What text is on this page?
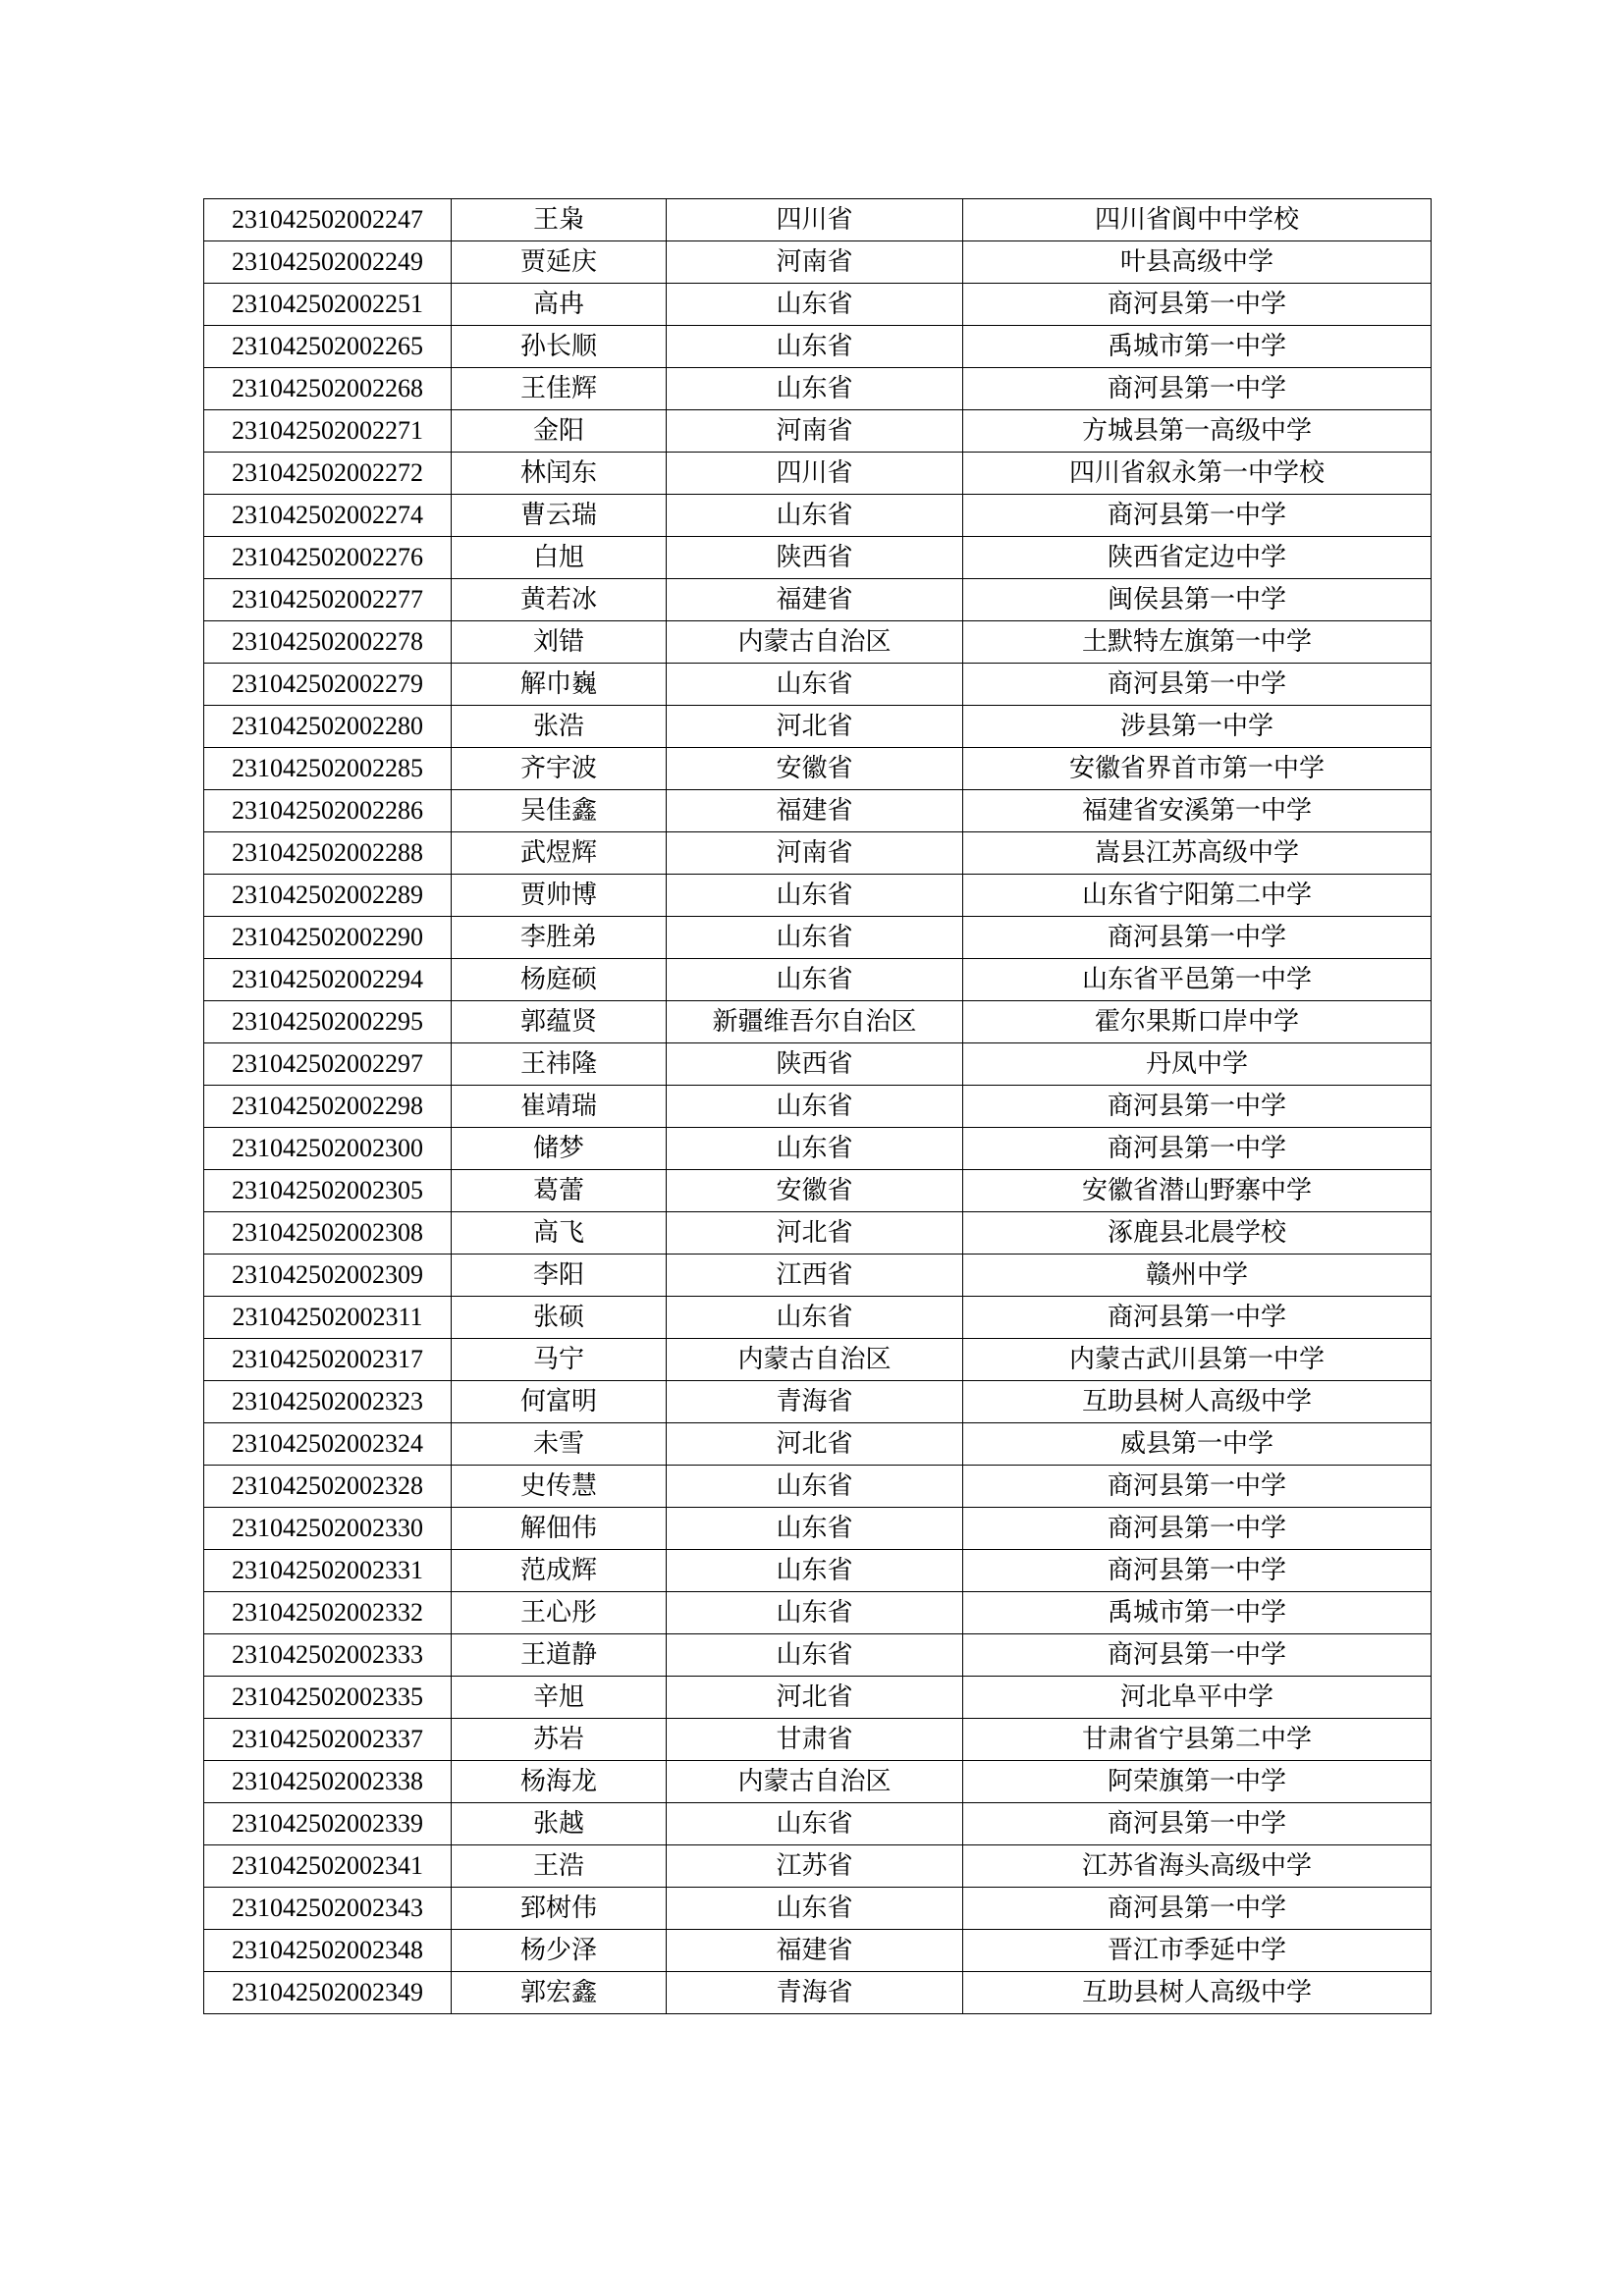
231042502002247	王枭	四川省	四川省阆中中学校
231042502002249	贾延庆	河南省	叶县高级中学
231042502002251	高冉	山东省	商河县第一中学
231042502002265	孙长顺	山东省	禹城市第一中学
231042502002268	王佳辉	山东省	商河县第一中学
231042502002271	金阳	河南省	方城县第一高级中学
231042502002272	林闰东	四川省	四川省叙永第一中学校
231042502002274	曹云瑞	山东省	商河县第一中学
231042502002276	白旭	陕西省	陕西省定边中学
231042502002277	黄若冰	福建省	闽侯县第一中学
231042502002278	刘错	内蒙古自治区	土默特左旗第一中学
231042502002279	解巾巍	山东省	商河县第一中学
231042502002280	张浩	河北省	涉县第一中学
231042502002285	齐宇波	安徽省	安徽省界首市第一中学
231042502002286	吴佳鑫	福建省	福建省安溪第一中学
231042502002288	武煜辉	河南省	嵩县江苏高级中学
231042502002289	贾帅博	山东省	山东省宁阳第二中学
231042502002290	李胜弟	山东省	商河县第一中学
231042502002294	杨庭硕	山东省	山东省平邑第一中学
231042502002295	郭蕴贤	新疆维吾尔自治区	霍尔果斯口岸中学
231042502002297	王祎隆	陕西省	丹凤中学
231042502002298	崔靖瑞	山东省	商河县第一中学
231042502002300	储梦	山东省	商河县第一中学
231042502002305	葛蕾	安徽省	安徽省潜山野寨中学
231042502002308	高飞	河北省	涿鹿县北晨学校
231042502002309	李阳	江西省	赣州中学
231042502002311	张硕	山东省	商河县第一中学
231042502002317	马宁	内蒙古自治区	内蒙古武川县第一中学
231042502002323	何富明	青海省	互助县树人高级中学
231042502002324	未雪	河北省	威县第一中学
231042502002328	史传慧	山东省	商河县第一中学
231042502002330	解佃伟	山东省	商河县第一中学
231042502002331	范成辉	山东省	商河县第一中学
231042502002332	王心彤	山东省	禹城市第一中学
231042502002333	王道静	山东省	商河县第一中学
231042502002335	辛旭	河北省	河北阜平中学
231042502002337	苏岩	甘肃省	甘肃省宁县第二中学
231042502002338	杨海龙	内蒙古自治区	阿荣旗第一中学
231042502002339	张越	山东省	商河县第一中学
231042502002341	王浩	江苏省	江苏省海头高级中学
231042502002343	郅树伟	山东省	商河县第一中学
231042502002348	杨少泽	福建省	晋江市季延中学
231042502002349	郭宏鑫	青海省	互助县树人高级中学
